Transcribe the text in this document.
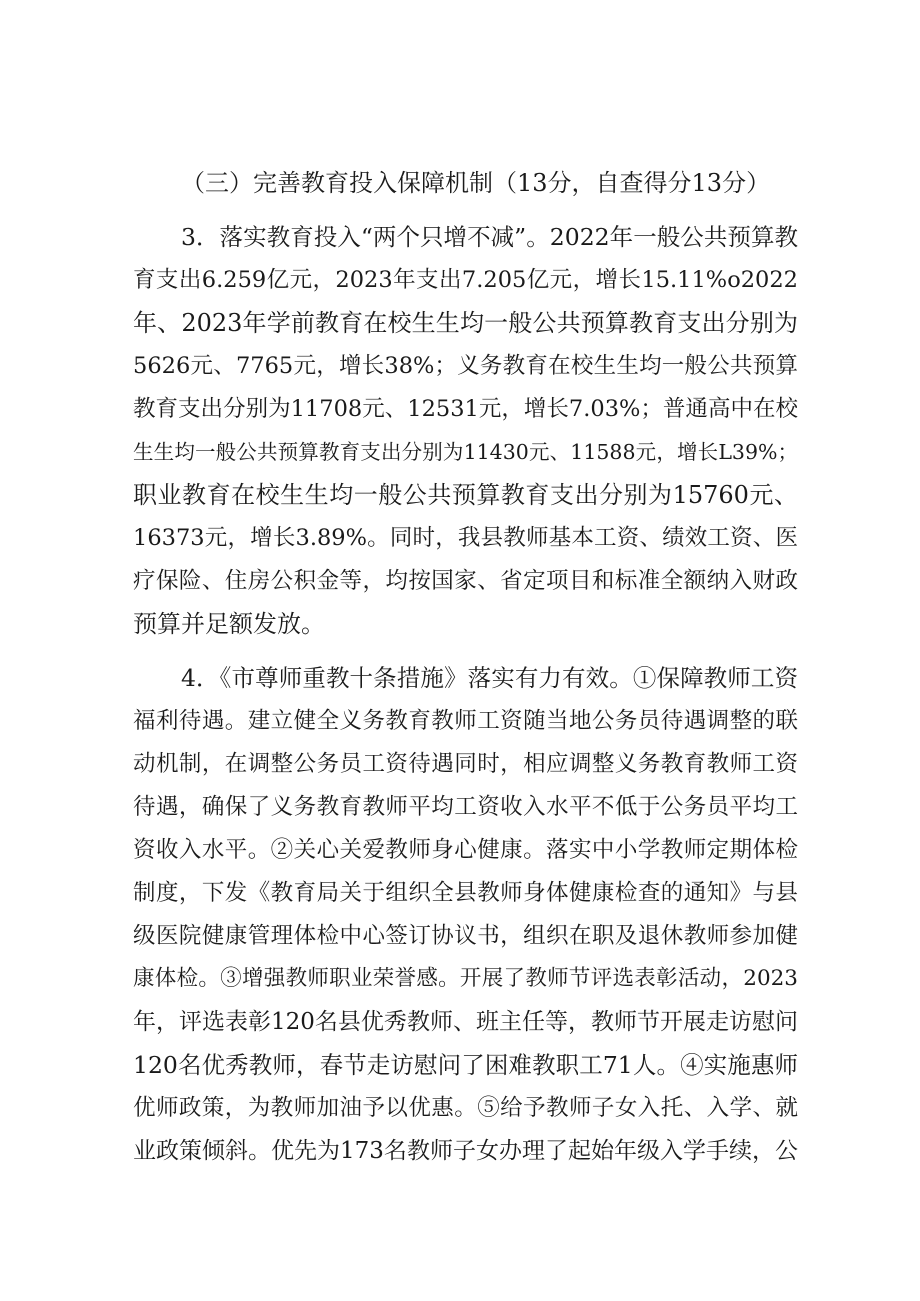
（三）完善教育投入保障机制（13分，自查得分13分）
3．落实教育投入“两个只增不减”。2022年一般公共预算教
育支出6.259亿元，2023年支出7.205亿元，增长15.11%o2022
年、2023年学前教育在校生生均一般公共预算教育支出分别为
5626元、7765元，增长38%；义务教育在校生生均一般公共预算
教育支出分别为11708元、12531元，增长7.03%；普通高中在校
生生均一般公共预算教育支出分别为11430元、11588元，增长L39%；
职业教育在校生生均一般公共预算教育支出分别为15760元、
16373元，增长3.89%。同时，我县教师基本工资、绩效工资、医
疗保险、住房公积金等，均按国家、省定项目和标准全额纳入财政
预算并足额发放。
4．《市尊师重教十条措施》落实有力有效。①保障教师工资
福利待遇。建立健全义务教育教师工资随当地公务员待遇调整的联
动机制，在调整公务员工资待遇同时，相应调整义务教育教师工资
待遇，确保了义务教育教师平均工资收入水平不低于公务员平均工
资收入水平。②关心关爱教师身心健康。落实中小学教师定期体检
制度，下发《教育局关于组织全县教师身体健康检查的通知》与县
级医院健康管理体检中心签订协议书，组织在职及退休教师参加健
康体检。③增强教师职业荣誉感。开展了教师节评选表彰活动，2023
年，评选表彰120名县优秀教师、班主任等，教师节开展走访慰问
120名优秀教师，春节走访慰问了困难教职工71人。④实施惠师
优师政策，为教师加油予以优惠。⑤给予教师子女入托、入学、就
业政策倾斜。优先为173名教师子女办理了起始年级入学手续，公
